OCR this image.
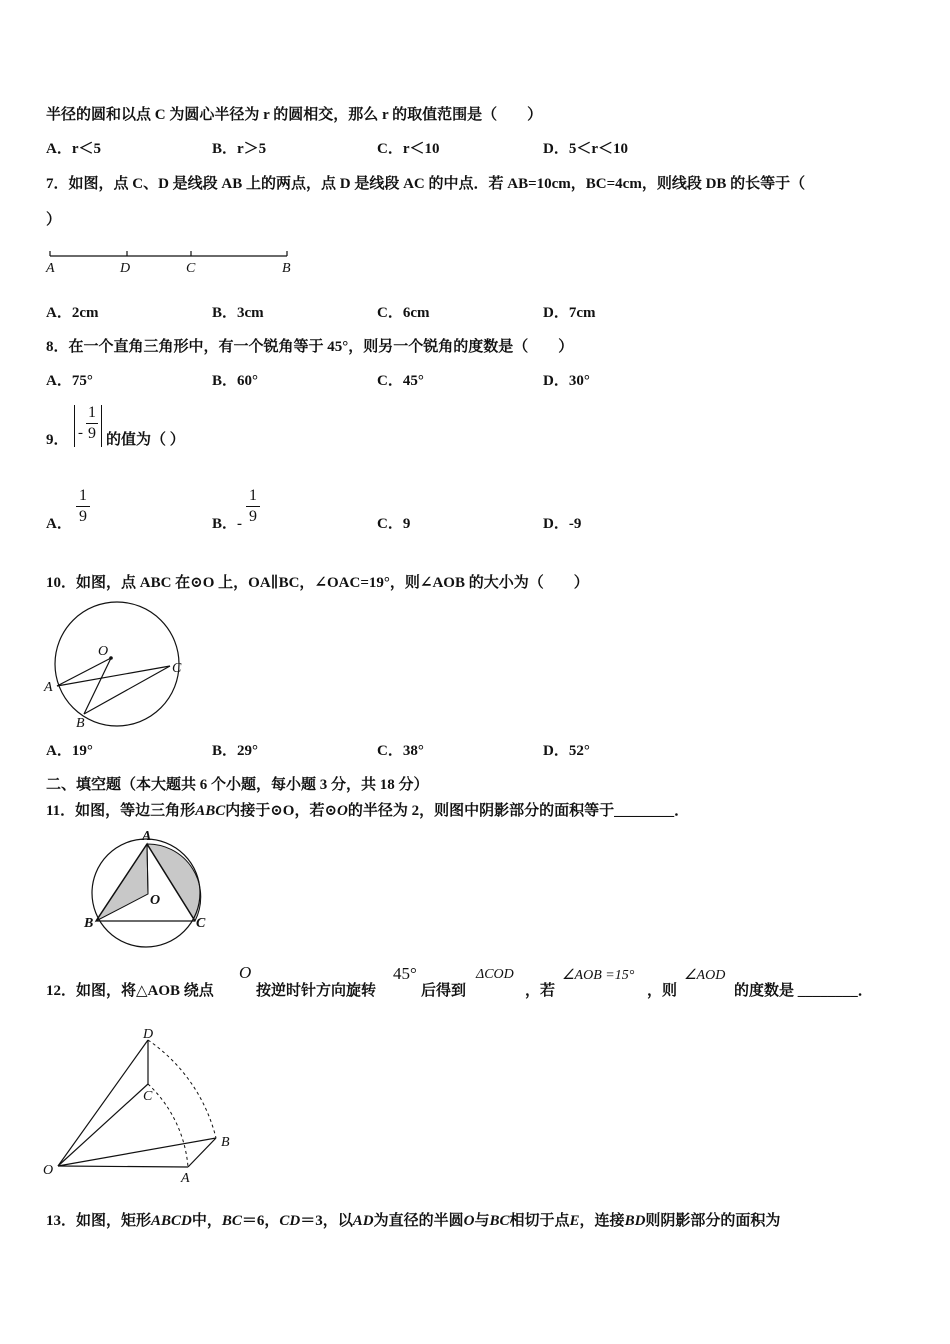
半径的圆和以点 C 为圆心半径为 r 的圆相交，那么 r 的取值范围是（　　）
A．r＜5	B．r＞5	C．r＜10	D．5＜r＜10
7．如图，点 C、D 是线段 AB 上的两点，点 D 是线段 AC 的中点．若 AB=10cm，BC=4cm，则线段 DB 的长等于（
）
A	D	C	B
A．2cm	B．3cm	C．6cm	D．7cm
8．在一个直角三角形中，有一个锐角等于 45°，则另一个锐角的度数是（　　）
A．75°	B．60°	C．45°	D．30°
9． -
1
9 的值为（ ）
A．
1
9	B．-
1
9	C．9	D．-9
10．如图，点 ABC 在⊙O 上，OA∥BC，∠OAC=19°，则∠AOB 的大小为（　　）
O
A
B
C
A．19°	B．29°	C．38°	D．52°
二、填空题（本大题共 6 个小题，每小题 3 分，共 18 分）
11．如图，等边三角形ABC内接于⊙O，若⊙O的半径为 2，则图中阴影部分的面积等于________．
A
O
B	C
12．如图，将△AOB 绕点
O
按逆时针方向旋转
45°
后得到
ΔCOD
，若
∠AOB =15°
，则
∠AOD
的度数是 ________．
D
C
B
O
A
13．如图，矩形ABCD中，BC＝6，CD＝3，以AD为直径的半圆O与BC相切于点E，连接BD则阴影部分的面积为
